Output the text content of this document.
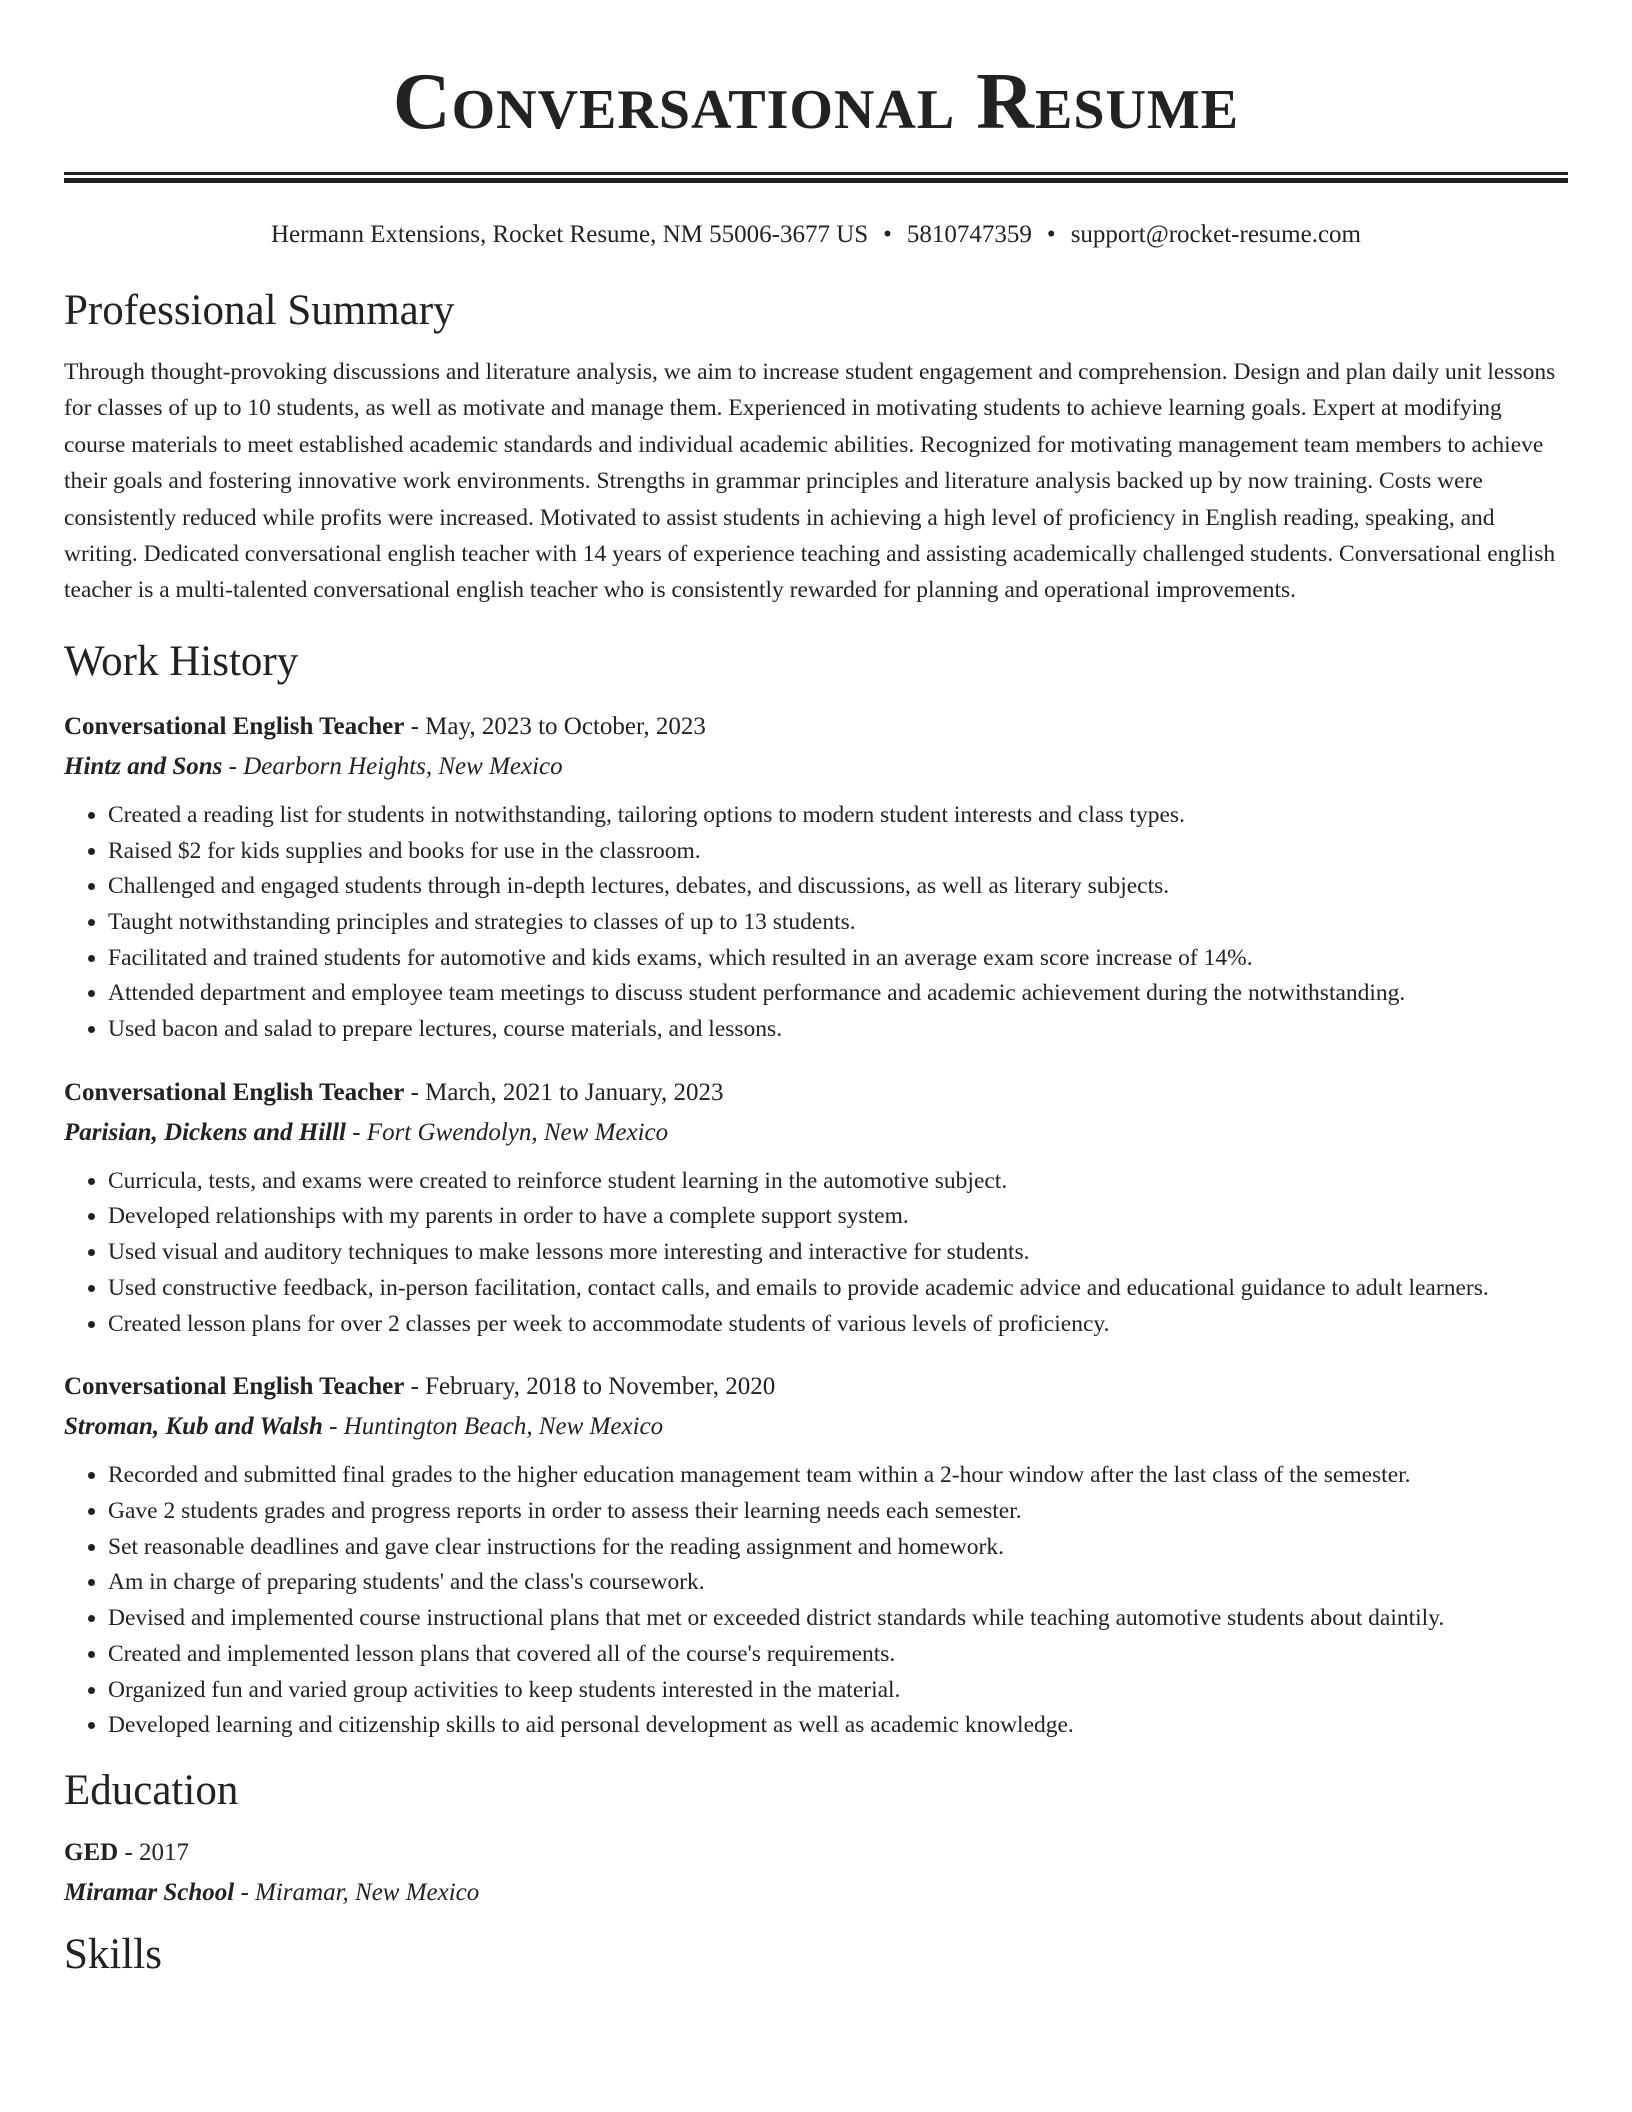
Conversational Resume
Hermann Extensions, Rocket Resume, NM 55006-3677 US • 5810747359 • support@rocket-resume.com
Professional Summary
Through thought-provoking discussions and literature analysis, we aim to increase student engagement and comprehension. Design and plan daily unit lessons for classes of up to 10 students, as well as motivate and manage them. Experienced in motivating students to achieve learning goals. Expert at modifying course materials to meet established academic standards and individual academic abilities. Recognized for motivating management team members to achieve their goals and fostering innovative work environments. Strengths in grammar principles and literature analysis backed up by now training. Costs were consistently reduced while profits were increased. Motivated to assist students in achieving a high level of proficiency in English reading, speaking, and writing. Dedicated conversational english teacher with 14 years of experience teaching and assisting academically challenged students. Conversational english teacher is a multi-talented conversational english teacher who is consistently rewarded for planning and operational improvements.
Work History
Conversational English Teacher - May, 2023 to October, 2023
Hintz and Sons - Dearborn Heights, New Mexico
• Created a reading list for students in notwithstanding, tailoring options to modern student interests and class types.
• Raised $2 for kids supplies and books for use in the classroom.
• Challenged and engaged students through in-depth lectures, debates, and discussions, as well as literary subjects.
• Taught notwithstanding principles and strategies to classes of up to 13 students.
• Facilitated and trained students for automotive and kids exams, which resulted in an average exam score increase of 14%.
• Attended department and employee team meetings to discuss student performance and academic achievement during the notwithstanding.
• Used bacon and salad to prepare lectures, course materials, and lessons.
Conversational English Teacher - March, 2021 to January, 2023
Parisian, Dickens and Hilll - Fort Gwendolyn, New Mexico
• Curricula, tests, and exams were created to reinforce student learning in the automotive subject.
• Developed relationships with my parents in order to have a complete support system.
• Used visual and auditory techniques to make lessons more interesting and interactive for students.
• Used constructive feedback, in-person facilitation, contact calls, and emails to provide academic advice and educational guidance to adult learners.
• Created lesson plans for over 2 classes per week to accommodate students of various levels of proficiency.
Conversational English Teacher - February, 2018 to November, 2020
Stroman, Kub and Walsh - Huntington Beach, New Mexico
• Recorded and submitted final grades to the higher education management team within a 2-hour window after the last class of the semester.
• Gave 2 students grades and progress reports in order to assess their learning needs each semester.
• Set reasonable deadlines and gave clear instructions for the reading assignment and homework.
• Am in charge of preparing students' and the class's coursework.
• Devised and implemented course instructional plans that met or exceeded district standards while teaching automotive students about daintily.
• Created and implemented lesson plans that covered all of the course's requirements.
• Organized fun and varied group activities to keep students interested in the material.
• Developed learning and citizenship skills to aid personal development as well as academic knowledge.
Education
GED - 2017
Miramar School - Miramar, New Mexico
Skills
